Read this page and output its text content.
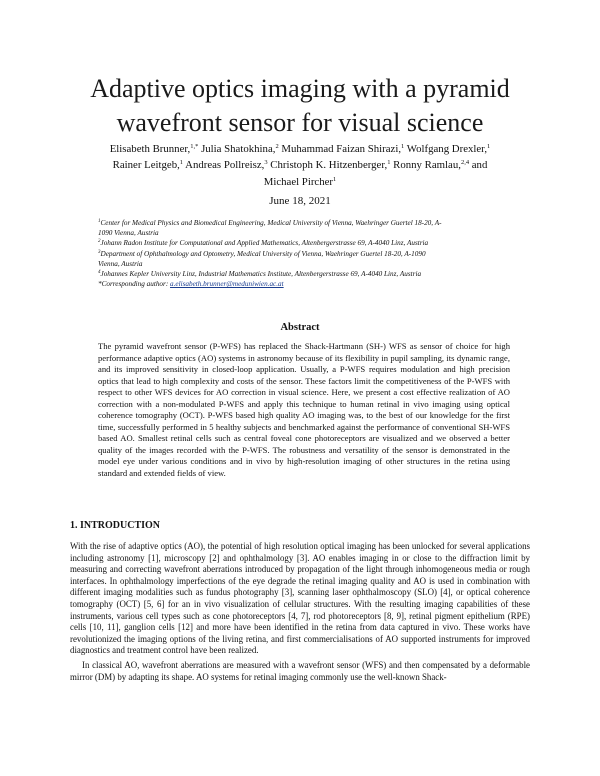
Adaptive optics imaging with a pyramid
wavefront sensor for visual science
Elisabeth Brunner,$^{1,*}$ Julia Shatokhina,$^2$ Muhammad Faizan Shirazi,$^1$ Wolfgang Drexler,$^1$
Rainer Leitgeb,$^1$ Andreas Pollreisz,$^3$ Christoph K. Hitzenberger,$^1$ Ronny Ramlau,$^{2,4}$ and
Michael Pircher$^1$
June 18, 2021
$^1$Center for Medical Physics and Biomedical Engineering, Medical University of Vienna, Waehringer Guertel 18-20, A-
1090 Vienna, Austria
$^2$Johann Radon Institute for Computational and Applied Mathematics, Altenbergerstrasse 69, A-4040 Linz, Austria
$^3$Department of Ophthalmology and Optometry, Medical University of Vienna, Waehringer Guertel 18-20, A-1090
Vienna, Austria
$^4$Johannes Kepler University Linz, Industrial Mathematics Institute, Altenbergerstrasse 69, A-4040 Linz, Austria
*Corresponding author: a.elisabeth.brunner@meduniwien.ac.at
Abstract
The pyramid wavefront sensor (P-WFS) has replaced the Shack-Hartmann (SH-) WFS as sensor of choice for high performance adaptive optics (AO) systems in astronomy because of its flexibility in pupil sampling, its dynamic range, and its improved sensitivity in closed-loop application. Usually, a P-WFS requires modulation and high precision optics that lead to high complexity and costs of the sensor. These factors limit the competitiveness of the P-WFS with respect to other WFS devices for AO correction in visual science. Here, we present a cost effective realization of AO correction with a non-modulated P-WFS and apply this technique to human retinal in vivo imaging using optical coherence tomography (OCT). P-WFS based high quality AO imaging was, to the best of our knowledge for the first time, successfully performed in 5 healthy subjects and benchmarked against the performance of conventional SH-WFS based AO. Smallest retinal cells such as central foveal cone photoreceptors are visualized and we observed a better quality of the images recorded with the P-WFS. The robustness and versatility of the sensor is demonstrated in the model eye under various conditions and in vivo by high-resolution imaging of other structures in the retina using standard and extended fields of view.
1. INTRODUCTION

With the rise of adaptive optics (AO), the potential of high resolution optical imaging has been unlocked for several applications including astronomy [1], microscopy [2] and ophthalmology [3]. AO enables imaging in or close to the diffraction limit by measuring and correcting wavefront aberrations introduced by propagation of the light through inhomogeneous media or rough interfaces. In ophthalmology imperfections of the eye degrade the retinal imaging quality and AO is used in combination with different imaging modalities such as fundus photography [3], scanning laser ophthalmoscopy (SLO) [4], or optical coherence tomography (OCT) [5, 6] for an in vivo visualization of cellular structures. With the resulting imaging capabilities of these instruments, various cell types such as cone photoreceptors [4, 7], rod photoreceptors [8, 9], retinal pigment epithelium (RPE) cells [10, 11], ganglion cells [12] and more have been identified in the retina from data captured in vivo. These works have revolutionized the imaging options of the living retina, and first commercialisations of AO supported instruments for improved diagnostics and treatment control have been realized.

In classical AO, wavefront aberrations are measured with a wavefront sensor (WFS) and then compensated by a deformable mirror (DM) by adapting its shape. AO systems for retinal imaging commonly use the well-known Shack-
